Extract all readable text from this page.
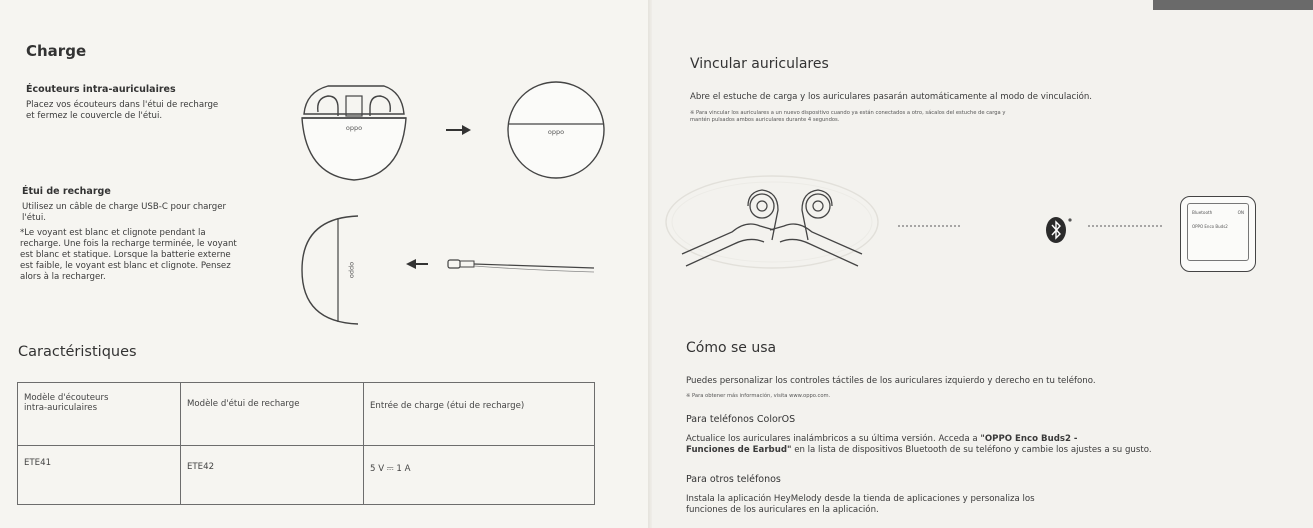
Charge
Écouteurs intra-auriculaires
Placez vos écouteurs dans l'étui de recharge
et fermez le couvercle de l'étui.
Étui de recharge
Utilisez un câble de charge USB-C pour charger
l'étui.
*Le voyant est blanc et clignote pendant la
recharge. Une fois la recharge terminée, le voyant
est blanc et statique. Lorsque la batterie externe
est faible, le voyant est blanc et clignote. Pensez
alors à la recharger.
oppo	oppo
oppo
Caractéristiques
Modèle d'écouteurs
intra-auriculaires	Modèle d'étui de recharge	Entrée de charge (étui de recharge)
ETE41	ETE42	5 V ⎓ 1 A
Vincular auriculares
Abre el estuche de carga y los auriculares pasarán automáticamente al modo de vinculación.
※ Para vincular los auriculares a un nuevo dispositivo cuando ya están conectados a otro, sácalos del estuche de carga y
mantén pulsados ambos auriculares durante 4 segundos.
Bluetooth	ON
OPPO Enco Buds2
Cómo se usa
Puedes personalizar los controles táctiles de los auriculares izquierdo y derecho en tu teléfono.
※ Para obtener más información, visita www.oppo.com.
Para teléfonos ColorOS
Actualice los auriculares inalámbricos a su última versión. Acceda a "OPPO Enco Buds2 -
Funciones de Earbud" en la lista de dispositivos Bluetooth de su teléfono y cambie los ajustes a su gusto.
Para otros teléfonos
Instala la aplicación HeyMelody desde la tienda de aplicaciones y personaliza los
funciones de los auriculares en la aplicación.
